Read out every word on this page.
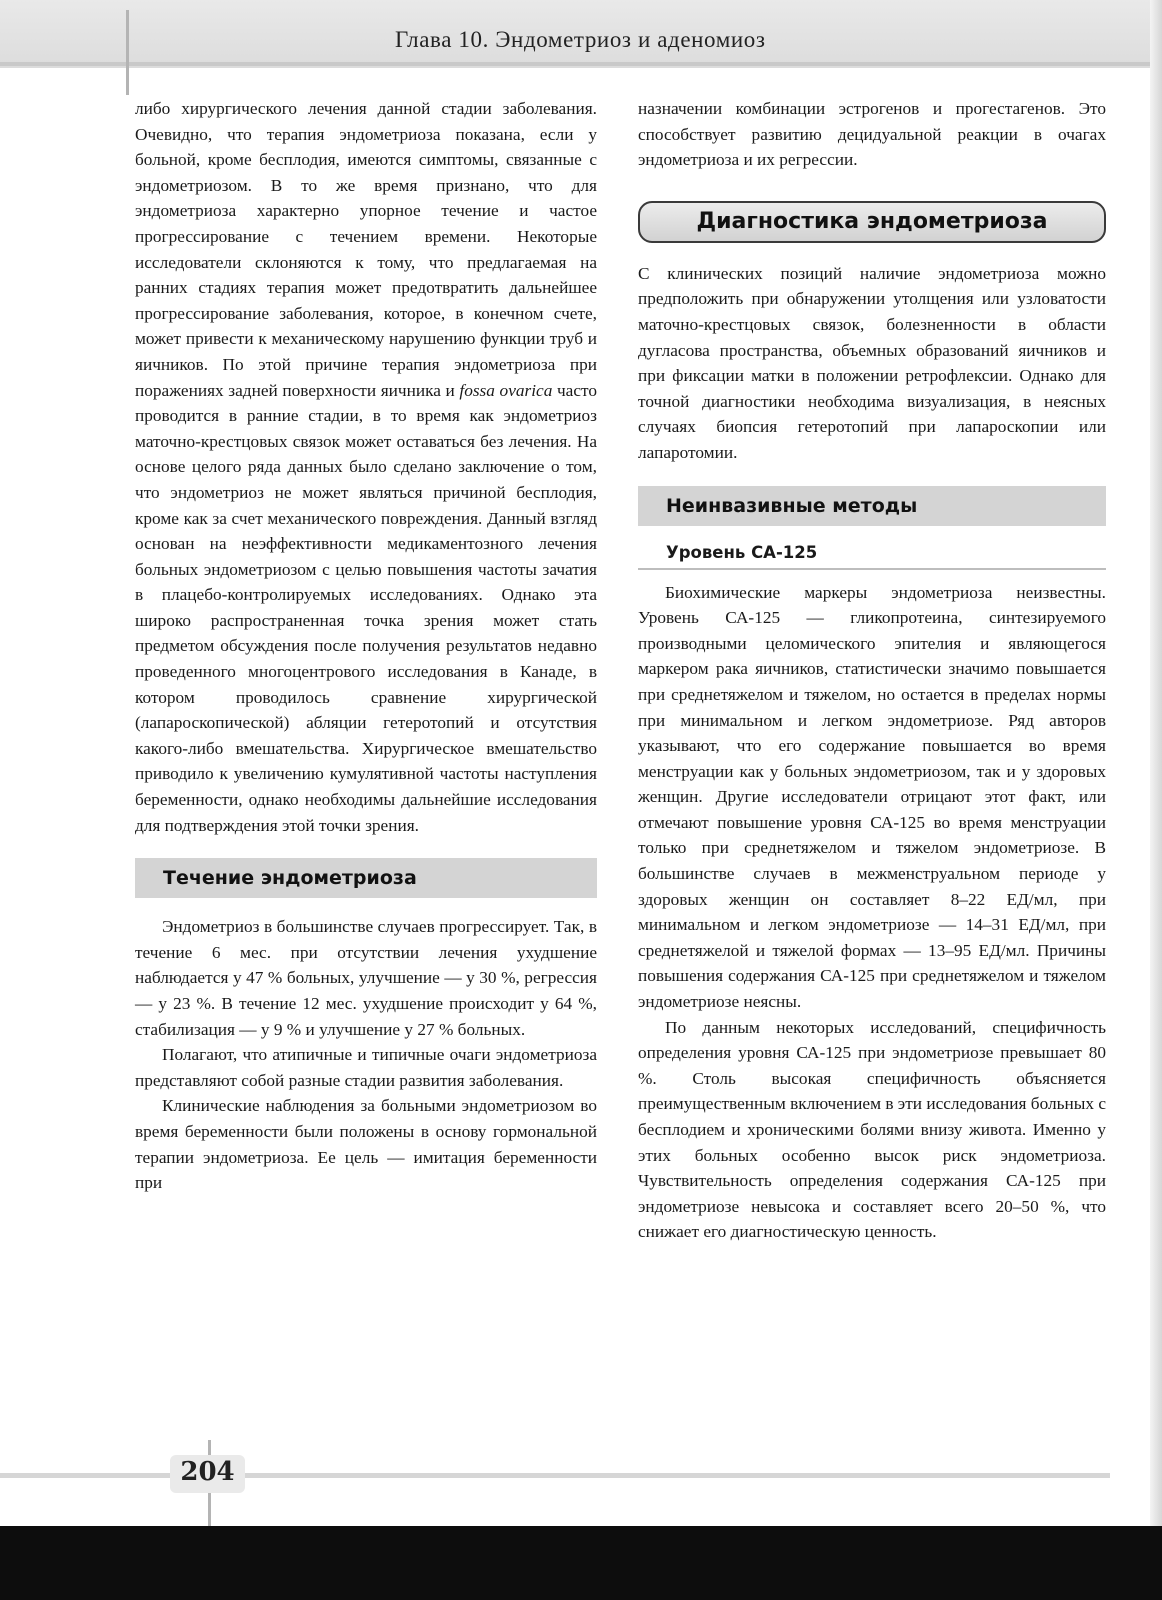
Глава 10. Эндометриоз и аденомиоз

либо хирургического лечения данной стадии заболевания. Очевидно, что терапия эндометриоза показана, если у больной, кроме бесплодия, имеются симптомы, связанные с эндометриозом. В то же время признано, что для эндометриоза характерно упорное течение и частое прогрессирование с течением времени. Некоторые исследователи склоняются к тому, что предлагаемая на ранних стадиях терапия может предотвратить дальнейшее прогрессирование заболевания, которое, в конечном счете, может привести к механическому нарушению функции труб и яичников. По этой причине терапия эндометриоза при поражениях задней поверхности яичника и fossa ovarica часто проводится в ранние стадии, в то время как эндометриоз маточно-крестцовых связок может оставаться без лечения. На основе целого ряда данных было сделано заключение о том, что эндометриоз не может являться причиной бесплодия, кроме как за счет механического повреждения. Данный взгляд основан на неэффективности медикаментозного лечения больных эндометриозом с целью повышения частоты зачатия в плацебо-контролируемых исследованиях. Однако эта широко распространенная точка зрения может стать предметом обсуждения после получения результатов недавно проведенного многоцентрового исследования в Канаде, в котором проводилось сравнение хирургической (лапароскопической) абляции гетеротопий и отсутствия какого-либо вмешательства. Хирургическое вмешательство приводило к увеличению кумулятивной частоты наступления беременности, однако необходимы дальнейшие исследования для подтверждения этой точки зрения.

Течение эндометриоза

Эндометриоз в большинстве случаев прогрессирует. Так, в течение 6 мес. при отсутствии лечения ухудшение наблюдается у 47 % больных, улучшение — у 30 %, регрессия — у 23 %. В течение 12 мес. ухудшение происходит у 64 %, стабилизация — у 9 % и улучшение у 27 % больных.

Полагают, что атипичные и типичные очаги эндометриоза представляют собой разные стадии развития заболевания.

Клинические наблюдения за больными эндометриозом во время беременности были положены в основу гормональной терапии эндометриоза. Ее цель — имитация беременности при

назначении комбинации эстрогенов и прогестагенов. Это способствует развитию децидуальной реакции в очагах эндометриоза и их регрессии.

Диагностика эндометриоза

С клинических позиций наличие эндометриоза можно предположить при обнаружении утолщения или узловатости маточно-крестцовых связок, болезненности в области дугласова пространства, объемных образований яичников и при фиксации матки в положении ретрофлексии. Однако для точной диагностики необходима визуализация, в неясных случаях биопсия гетеротопий при лапароскопии или лапаротомии.

Неинвазивные методы
Уровень СА-125

Биохимические маркеры эндометриоза неизвестны. Уровень СА-125 — гликопротеина, синтезируемого производными целомического эпителия и являющегося маркером рака яичников, статистически значимо повышается при среднетяжелом и тяжелом, но остается в пределах нормы при минимальном и легком эндометриозе. Ряд авторов указывают, что его содержание повышается во время менструации как у больных эндометриозом, так и у здоровых женщин. Другие исследователи отрицают этот факт, или отмечают повышение уровня СА-125 во время менструации только при среднетяжелом и тяжелом эндометриозе. В большинстве случаев в межменструальном периоде у здоровых женщин он составляет 8–22 ЕД/мл, при минимальном и легком эндометриозе — 14–31 ЕД/мл, при среднетяжелой и тяжелой формах — 13–95 ЕД/мл. Причины повышения содержания СА-125 при среднетяжелом и тяжелом эндометриозе неясны.

По данным некоторых исследований, специфичность определения уровня СА-125 при эндометриозе превышает 80 %. Столь высокая специфичность объясняется преимущественным включением в эти исследования больных с бесплодием и хроническими болями внизу живота. Именно у этих больных особенно высок риск эндометриоза. Чувствительность определения содержания СА-125 при эндометриозе невысока и составляет всего 20–50 %, что снижает его диагностическую ценность.

204
